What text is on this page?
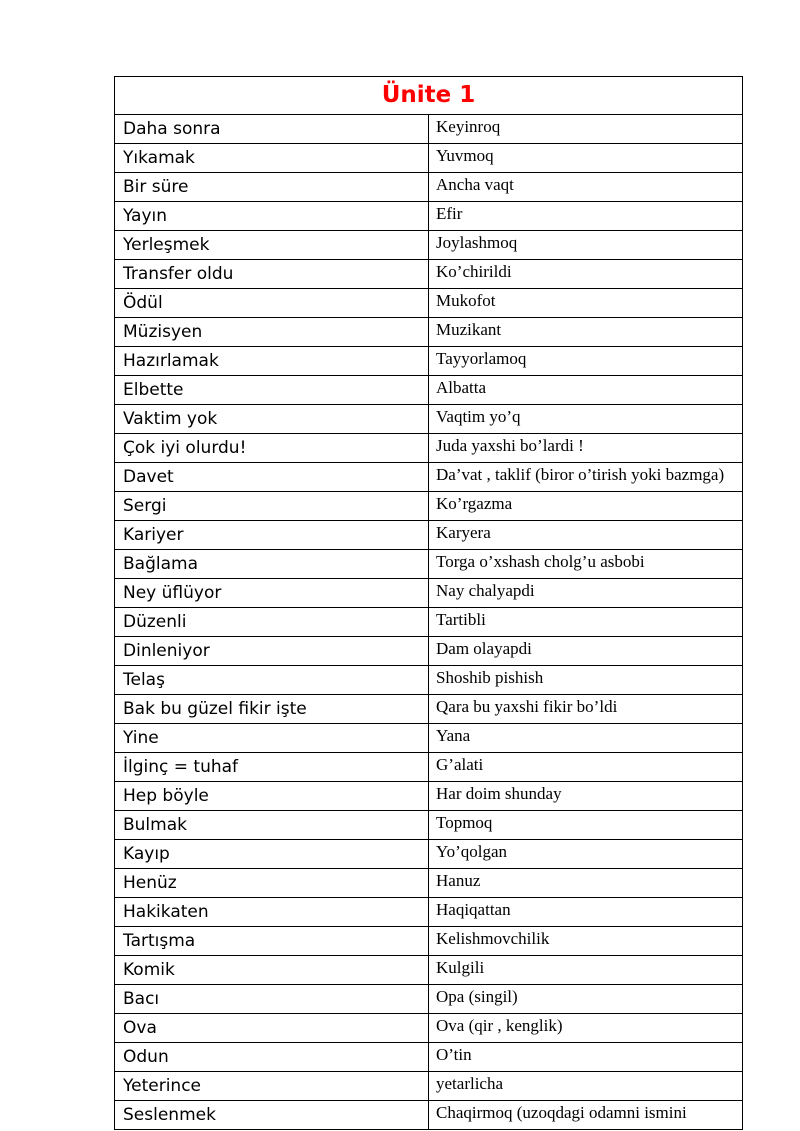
Ünite 1	
Daha sonra	Keyinroq
Yıkamak	Yuvmoq
Bir süre	Ancha vaqt
Yayın	Efir
Yerleşmek	Joylashmoq
Transfer oldu	Ko’chirildi
Ödül	Mukofot
Müzisyen	Muzikant
Hazırlamak	Tayyorlamoq
Elbette	Albatta
Vaktim yok	Vaqtim yo’q
Çok iyi olurdu!	Juda yaxshi bo’lardi !
Davet	Da’vat , taklif (biror o’tirish yoki bazmga)
Sergi	Ko’rgazma
Kariyer	Karyera
Bağlama	Torga o’xshash cholg’u asbobi
Ney üflüyor	Nay chalyapdi
Düzenli	Tartibli
Dinleniyor	Dam olayapdi
Telaş	Shoshib pishish
Bak bu güzel fikir işte	Qara bu yaxshi fikir bo’ldi
Yine	Yana
İlginç = tuhaf	G’alati
Hep böyle	Har doim shunday
Bulmak	Topmoq
Kayıp	Yo’qolgan
Henüz	Hanuz
Hakikaten	Haqiqattan
Tartışma	Kelishmovchilik
Komik	Kulgili
Bacı	Opa (singil)
Ova	Ova (qir , kenglik)
Odun	O’tin
Yeterince	yetarlicha
Seslenmek	Chaqirmoq (uzoqdagi odamni ismini
